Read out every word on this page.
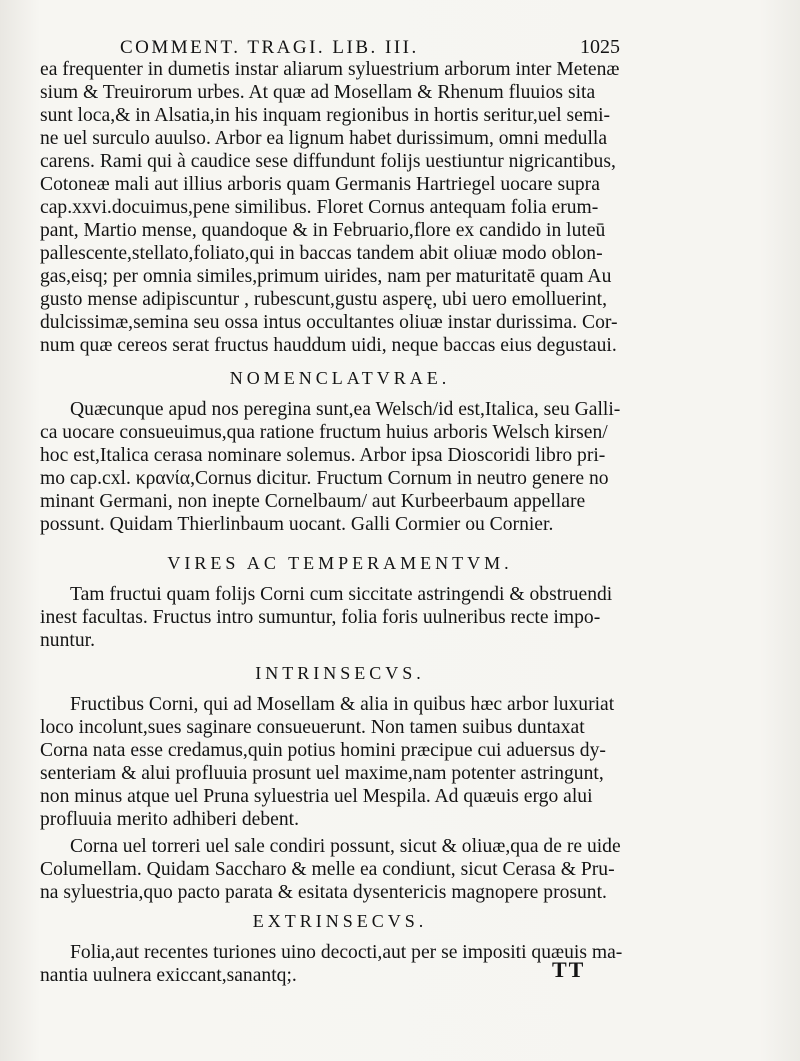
COMMENT. TRAGI. LIB. III.	1025
ea frequenter in dumetis instar aliarum syluestrium arborum inter Metenæ
sium & Treuirorum urbes. At quæ ad Mosellam & Rhenum fluuios sita
sunt loca,& in Alsatia,in his inquam regionibus in hortis seritur,uel semi-
ne uel surculo auulso. Arbor ea lignum habet durissimum, omni medulla
carens. Rami qui à caudice sese diffundunt folijs uestiuntur nigricantibus,
Cotoneæ mali aut illius arboris quam Germanis Hartriegel uocare supra
cap.xxvi.docuimus,pene similibus. Floret Cornus antequam folia erum-
pant, Martio mense, quandoque & in Februario,flore ex candido in luteū
pallescente,stellato,foliato,qui in baccas tandem abit oliuæ modo oblon-
gas,eisq; per omnia similes,primum uirides, nam per maturitatē quam Au
gusto mense adipiscuntur , rubescunt,gustu asperę, ubi uero emolluerint,
dulcissimæ,semina seu ossa intus occultantes oliuæ instar durissima. Cor-
num quæ cereos serat fructus hauddum uidi, neque baccas eius degustaui.
NOMENCLATVRAE.
Quæcunque apud nos peregina sunt,ea Welsch/id est,Italica, seu Galli-
ca uocare consueuimus,qua ratione fructum huius arboris Welsch kirsen/
hoc est,Italica cerasa nominare solemus. Arbor ipsa Dioscoridi libro pri-
mo cap.cxl. κρανία,Cornus dicitur. Fructum Cornum in neutro genere no
minant Germani, non inepte Cornelbaum/ aut Kurbeerbaum appellare
possunt. Quidam Thierlinbaum uocant. Galli Cormier ou Cornier.
VIRES AC TEMPERAMENTVM.
Tam fructui quam folijs Corni cum siccitate astringendi & obstruendi
inest facultas. Fructus intro sumuntur, folia foris uulneribus recte impo-
nuntur.
INTRINSECVS.
Fructibus Corni, qui ad Mosellam & alia in quibus hæc arbor luxuriat
loco incolunt,sues saginare consueuerunt. Non tamen suibus duntaxat
Corna nata esse credamus,quin potius homini præcipue cui aduersus dy-
senteriam & alui profluuia prosunt uel maxime,nam potenter astringunt,
non minus atque uel Pruna syluestria uel Mespila. Ad quæuis ergo alui
profluuia merito adhiberi debent.
Corna uel torreri uel sale condiri possunt, sicut & oliuæ,qua de re uide
Columellam. Quidam Saccharo & melle ea condiunt, sicut Cerasa & Pru-
na syluestria,quo pacto parata & esitata dysentericis magnopere prosunt.
EXTRINSECVS.
Folia,aut recentes turiones uino decocti,aut per se impositi quæuis ma-
nantia uulnera exiccant,sanantq;.	TT
